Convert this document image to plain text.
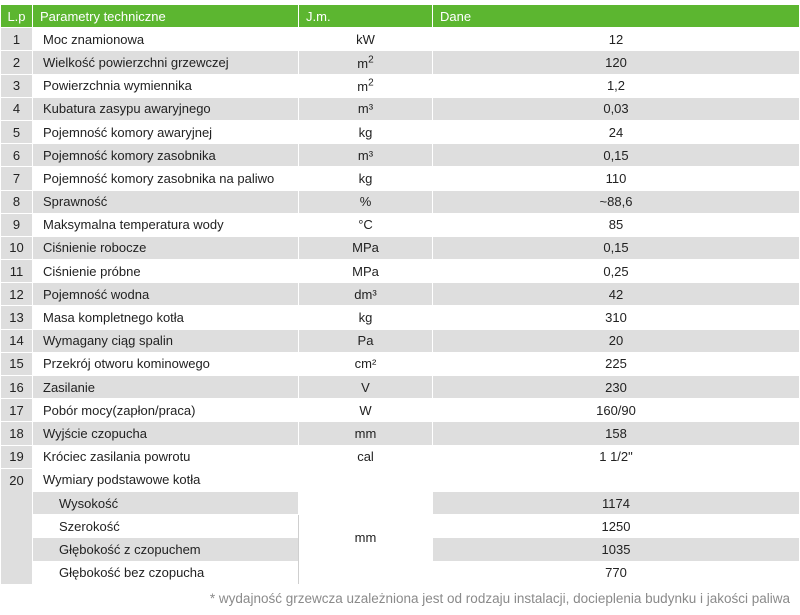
L.p	Parametry techniczne	J.m.	Dane
1	Moc znamionowa	kW	12
2	Wielkość powierzchni grzewczej	$m^2$	120
3	Powierzchnia wymiennika	$m^2$	1,2
4	Kubatura zasypu awaryjnego	m³	0,03
5	Pojemność komory awaryjnej	kg	24
6	Pojemność komory zasobnika	m³	0,15
7	Pojemność komory zasobnika na paliwo	kg	110
8	Sprawność	%	~88,6
9	Maksymalna temperatura wody	°C	85
10	Ciśnienie robocze	MPa	0,15
11	Ciśnienie próbne	MPa	0,25
12	Pojemność wodna	dm³	42
13	Masa kompletnego kotła	kg	310
14	Wymagany ciąg spalin	Pa	20
15	Przekrój otworu kominowego	cm²	225
16	Zasilanie	V	230
17	Pobór mocy(zapłon/praca)	W	160/90
18	Wyjście czopucha	mm	158
19	Króciec zasilania powrotu	cal	1 1/2"
20	Wymiary podstawowe kotła		
	Wysokość	mm	1174
	Szerokość		1250
	Głębokość z czopuchem		1035
	Głębokość bez czopucha		770
* wydajność grzewcza uzależniona jest od rodzaju instalacji, docieplenia budynku i jakości paliwa
